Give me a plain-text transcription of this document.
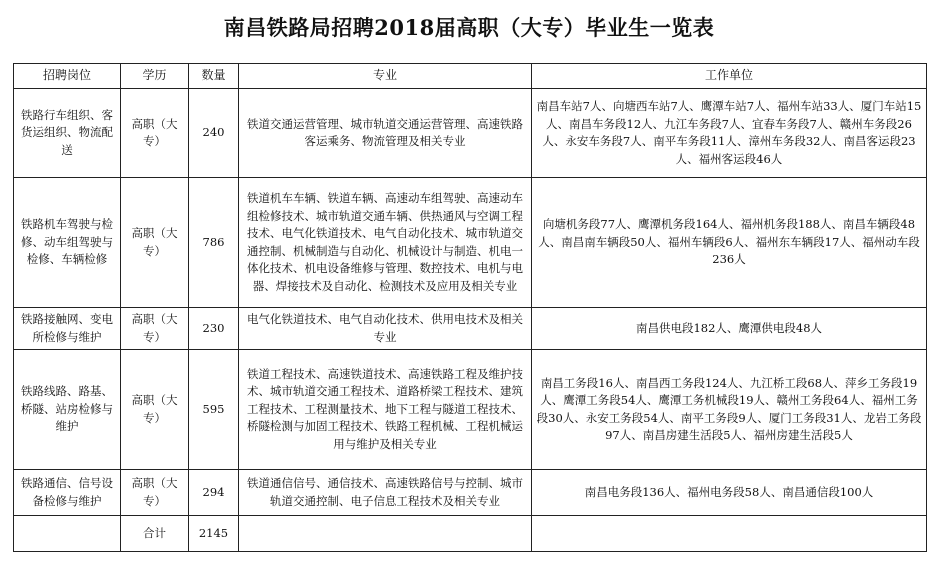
南昌铁路局招聘2018届高职（大专）毕业生一览表
招聘岗位	学历	数量	专业	工作单位
铁路行车组织、客货运组织、物流配送	高职（大专）	240	铁道交通运营管理、城市轨道交通运营管理、高速铁路客运乘务、物流管理及相关专业	南昌车站7人、向塘西车站7人、鹰潭车站7人、福州车站33人、厦门车站15人、南昌车务段12人、九江车务段7人、宜春车务段7人、赣州车务段26人、永安车务段7人、南平车务段11人、漳州车务段32人、南昌客运段23人、福州客运段46人
铁路机车驾驶与检修、动车组驾驶与检修、车辆检修	高职（大专）	786	铁道机车车辆、铁道车辆、高速动车组驾驶、高速动车组检修技术、城市轨道交通车辆、供热通风与空调工程技术、电气化铁道技术、电气自动化技术、城市轨道交通控制、机械制造与自动化、机械设计与制造、机电一体化技术、机电设备维修与管理、数控技术、电机与电器、焊接技术及自动化、检测技术及应用及相关专业	向塘机务段77人、鹰潭机务段164人、福州机务段188人、南昌车辆段48人、南昌南车辆段50人、福州车辆段6人、福州东车辆段17人、福州动车段236人
铁路接触网、变电所检修与维护	高职（大专）	230	电气化铁道技术、电气自动化技术、供用电技术及相关专业	南昌供电段182人、鹰潭供电段48人
铁路线路、路基、桥隧、站房检修与维护	高职（大专）	595	铁道工程技术、高速铁道技术、高速铁路工程及维护技术、城市轨道交通工程技术、道路桥梁工程技术、建筑工程技术、工程测量技术、地下工程与隧道工程技术、桥隧检测与加固工程技术、铁路工程机械、工程机械运用与维护及相关专业	南昌工务段16人、南昌西工务段124人、九江桥工段68人、萍乡工务段19人、鹰潭工务段54人、鹰潭工务机械段19人、赣州工务段64人、福州工务段30人、永安工务段54人、南平工务段9人、厦门工务段31人、龙岩工务段97人、南昌房建生活段5人、福州房建生活段5人
铁路通信、信号设备检修与维护	高职（大专）	294	铁道通信信号、通信技术、高速铁路信号与控制、城市轨道交通控制、电子信息工程技术及相关专业	南昌电务段136人、福州电务段58人、南昌通信段100人
	合计	2145		
